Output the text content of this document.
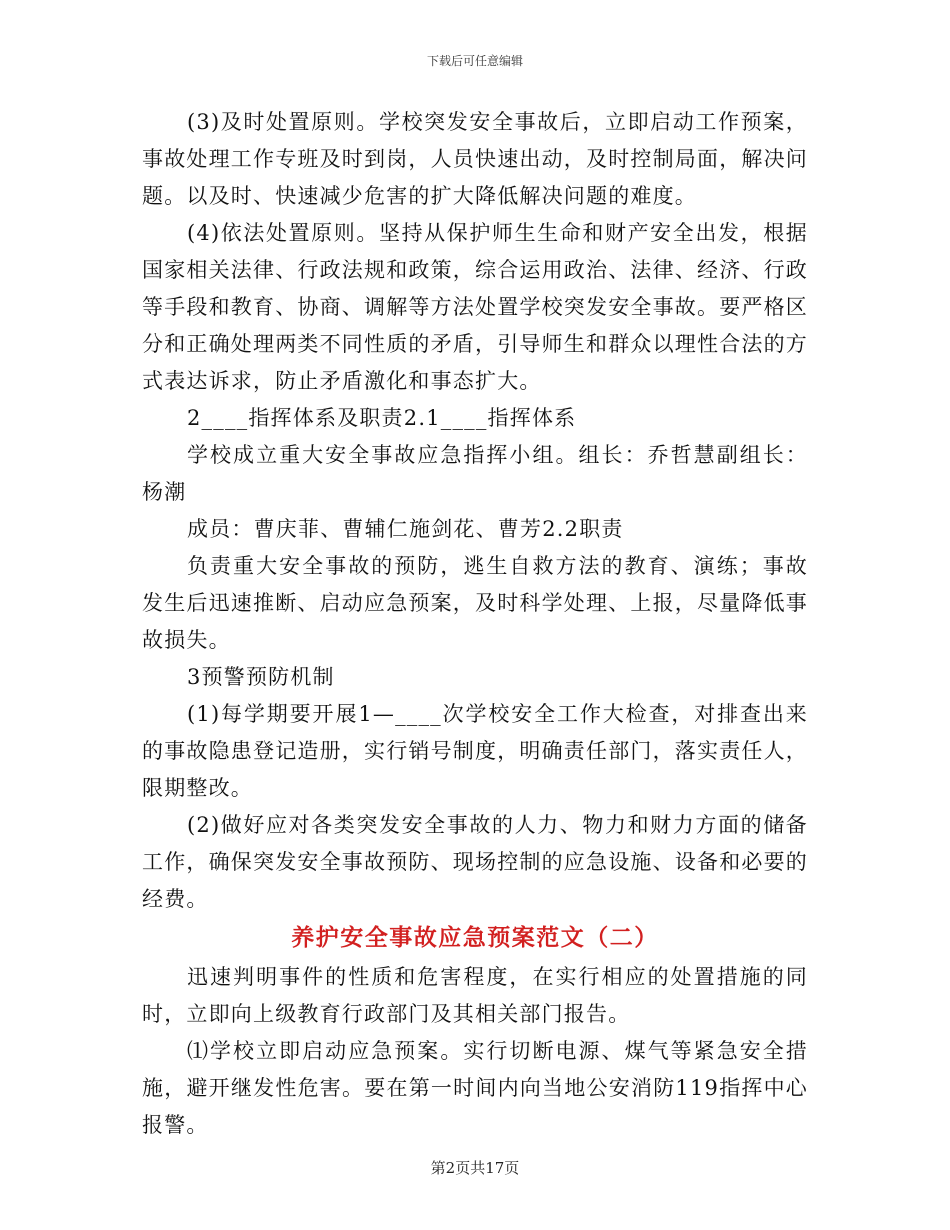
下载后可任意编辑

(3)及时处置原则。学校突发安全事故后，立即启动工作预案，事故处理工作专班及时到岗，人员快速出动，及时控制局面，解决问题。以及时、快速减少危害的扩大降低解决问题的难度。

(4)依法处置原则。坚持从保护师生生命和财产安全出发，根据国家相关法律、行政法规和政策，综合运用政治、法律、经济、行政等手段和教育、协商、调解等方法处置学校突发安全事故。要严格区分和正确处理两类不同性质的矛盾，引导师生和群众以理性合法的方式表达诉求，防止矛盾激化和事态扩大。

2____指挥体系及职责2.1____指挥体系

学校成立重大安全事故应急指挥小组。组长：乔哲慧副组长：杨潮

成员：曹庆菲、曹辅仁施剑花、曹芳2.2职责

负责重大安全事故的预防，逃生自救方法的教育、演练；事故发生后迅速推断、启动应急预案，及时科学处理、上报，尽量降低事故损失。

3预警预防机制

(1)每学期要开展1—____次学校安全工作大检查，对排查出来的事故隐患登记造册，实行销号制度，明确责任部门，落实责任人，限期整改。

(2)做好应对各类突发安全事故的人力、物力和财力方面的储备工作，确保突发安全事故预防、现场控制的应急设施、设备和必要的经费。

养护安全事故应急预案范文（二）

迅速判明事件的性质和危害程度，在实行相应的处置措施的同时，立即向上级教育行政部门及其相关部门报告。

⑴学校立即启动应急预案。实行切断电源、煤气等紧急安全措施，避开继发性危害。要在第一时间内向当地公安消防119指挥中心报警。

第2页共17页
